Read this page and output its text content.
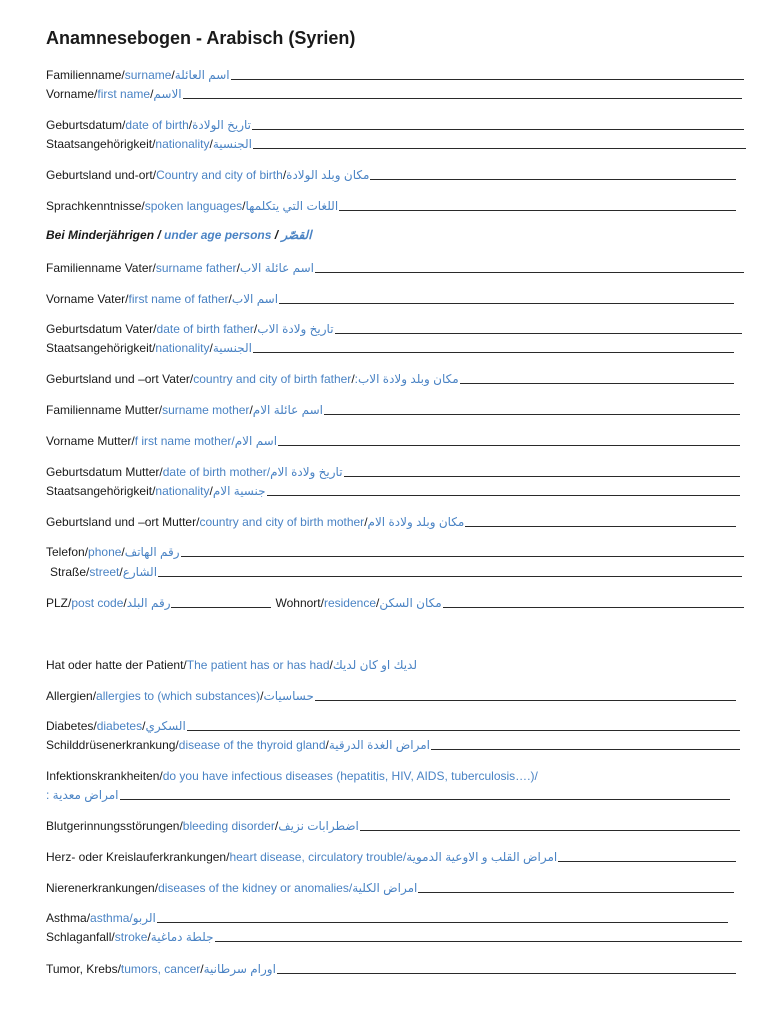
Anamnesebogen - Arabisch (Syrien)
Familienname / surname / اسم العائلة
Vorname / first name / الاسم
Geburtsdatum / date of birth / تاريخ الولادة
Staatsangehörigkeit / nationality / الجنسية
Geburtsland und-ort / Country and city of birth / مكان وبلد الولادة
Sprachkenntnisse / spoken languages / اللغات التي يتكلمها
Bei Minderjährigen / under age persons / القصّر
Familienname Vater / surname father / اسم عائلة الاب
Vorname Vater / first name of father / اسم الاب
Geburtsdatum Vater / date of birth father / تاريخ ولادة الاب
Staatsangehörigkeit / nationality / الجنسية
Geburtsland und –ort Vater / country and city of birth father / مكان وبلد ولادة الاب:
Familienname Mutter / surname mother / اسم عائلة الام
Vorname Mutter / f irst name mother/ اسم الام
Geburtsdatum Mutter / date of birth mother/ تاريخ ولادة الام
Staatsangehörigkeit / nationality / جنسية الام
Geburtsland und –ort Mutter / country and city of birth mother / مكان وبلد ولادة الام
Telefon / phone / رقم الهاتف
Straße / street / الشارع
PLZ / post code / رقم البلد	Wohnort / residence / مكان السكن
Hat oder hatte der Patient / The patient has or has had / لديك او كان لديك
Allergien / allergies to (which substances) / حساسيات
Diabetes / diabetes / السكري
Schilddrüsenerkrankung / disease of the thyroid gland / امراض الغدة الدرقية
Infektionskrankheiten / do you have infectious diseases (hepatitis, HIV, AIDS, tuberculosis….)/
امراض معدية :
Blutgerinnungsstörungen / bleeding disorder / اضطرابات نزيف
Herz- oder Kreislauferkrankungen / heart disease, circulatory trouble/ امراض القلب و الاوعية الدموية
Nierenerkrankungen / diseases of the kidney or anomalies/ امراض الكلية
Asthma / asthma/ الربو
Schlaganfall / stroke / جلطة دماغية
Tumor, Krebs / tumors, cancer / اورام سرطانية
